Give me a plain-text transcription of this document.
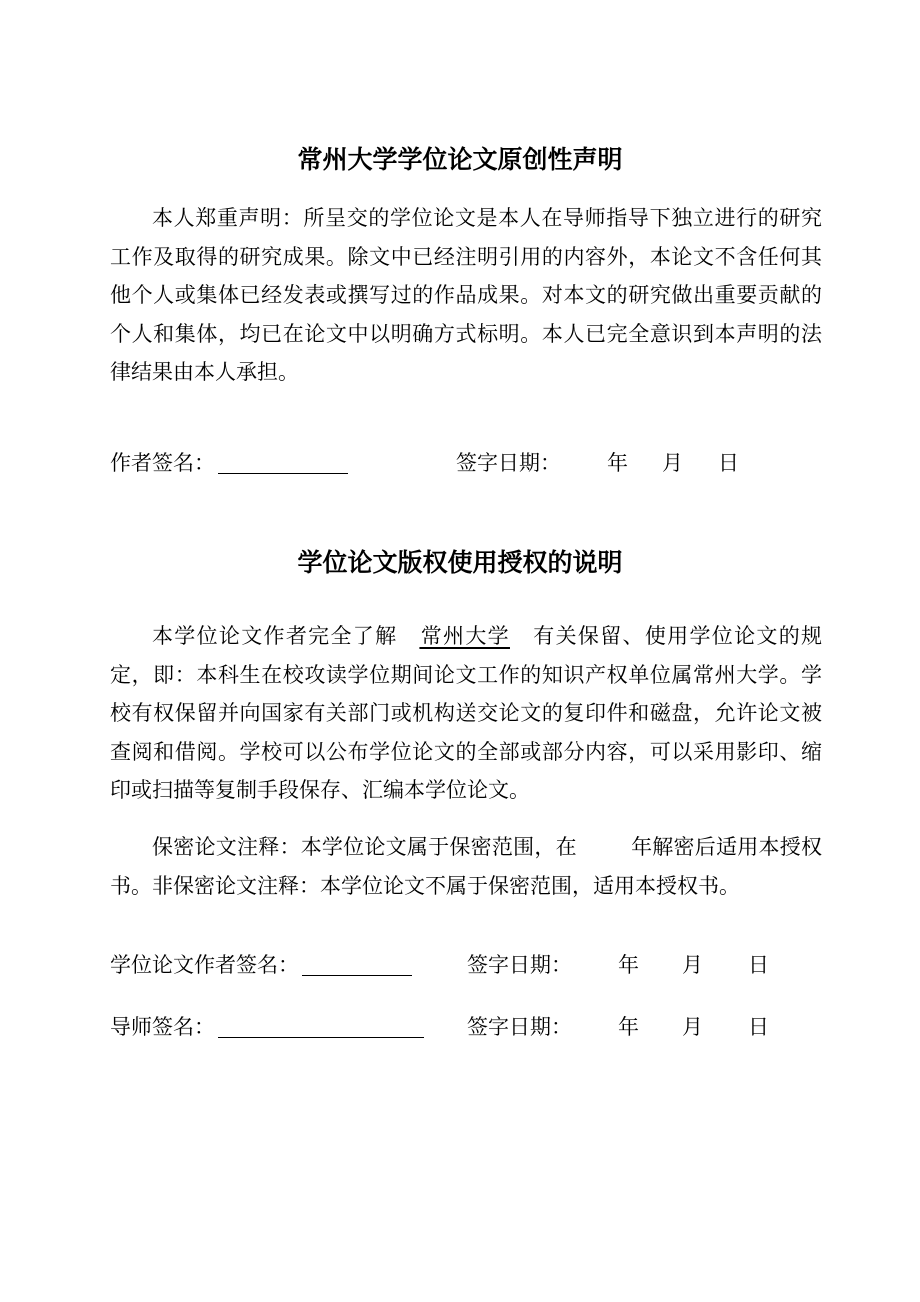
常州大学学位论文原创性声明

本人郑重声明：所呈交的学位论文是本人在导师指导下独立进行的研究工作及取得的研究成果。除文中已经注明引用的内容外，本论文不含任何其他个人或集体已经发表或撰写过的作品成果。对本文的研究做出重要贡献的个人和集体，均已在论文中以明确方式标明。本人已完全意识到本声明的法律结果由本人承担。

作者签名：	签字日期： 年 月 日
学位论文版权使用授权的说明

本学位论文作者完全了解 常州大学 有关保留、使用学位论文的规定，即：本科生在校攻读学位期间论文工作的知识产权单位属常州大学。学校有权保留并向国家有关部门或机构送交论文的复印件和磁盘，允许论文被查阅和借阅。学校可以公布学位论文的全部或部分内容，可以采用影印、缩印或扫描等复制手段保存、汇编本学位论文。

保密论文注释：本学位论文属于保密范围，在	年解密后适用本授权书。非保密论文注释：本学位论文不属于保密范围，适用本授权书。

学位论文作者签名：	签字日期： 年 月 日
导师签名：	签字日期： 年 月 日
